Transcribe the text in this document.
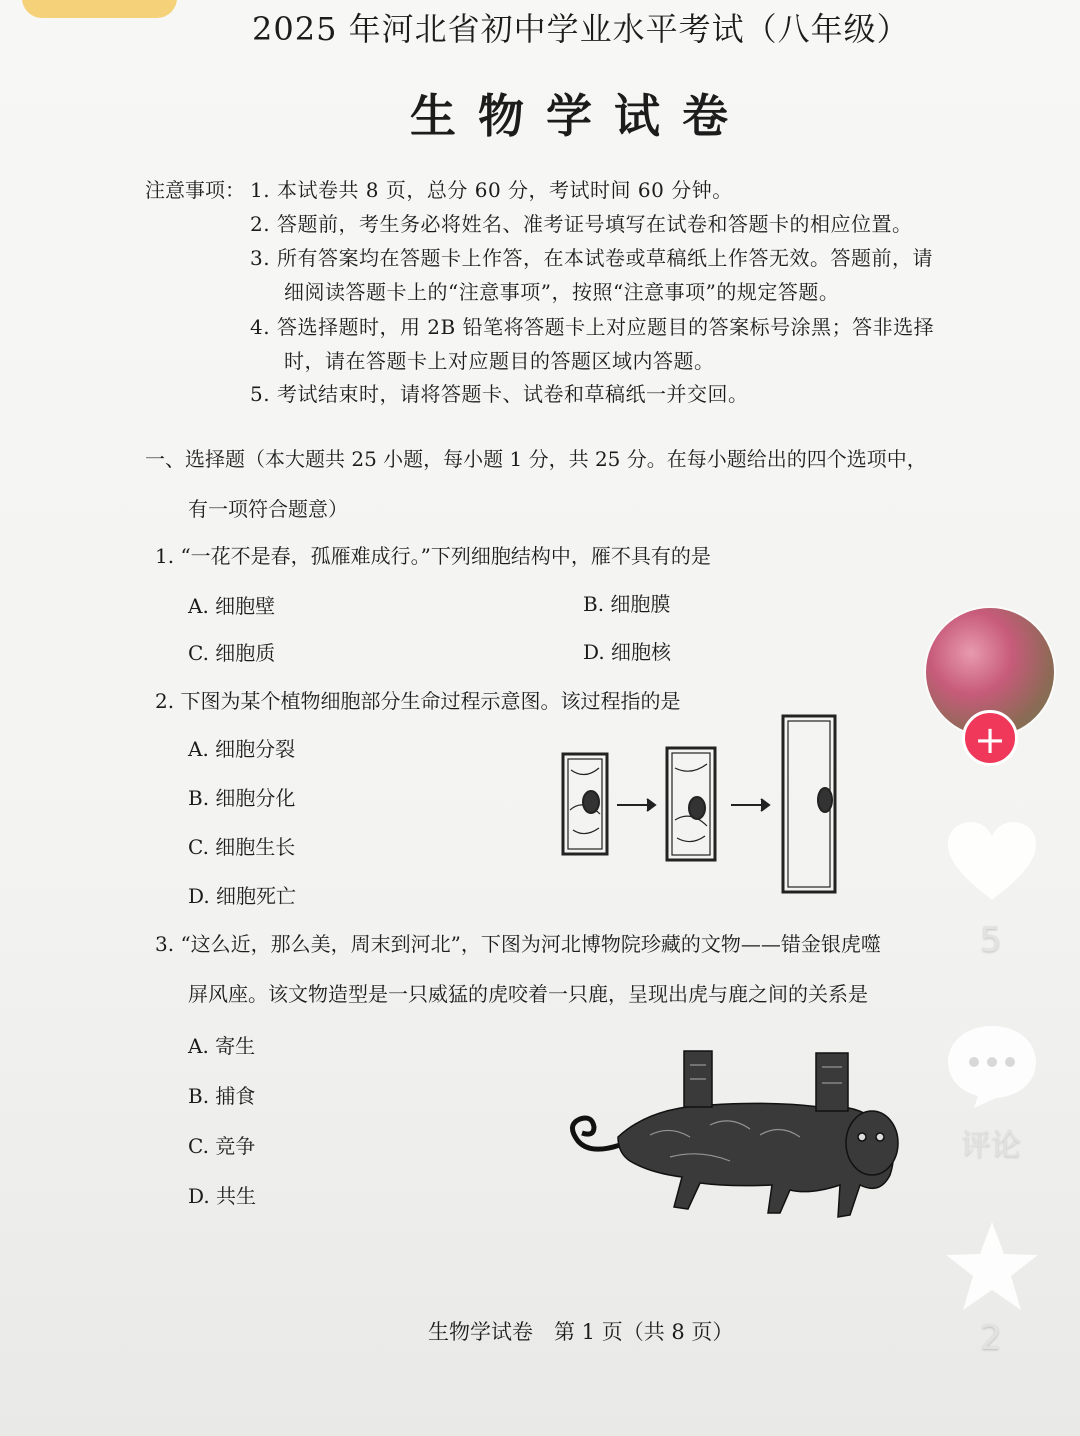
2025 年河北省初中学业水平考试（八年级）
生物学试卷
注意事项： 1. 本试卷共 8 页，总分 60 分，考试时间 60 分钟。
2. 答题前，考生务必将姓名、准考证号填写在试卷和答题卡的相应位置。
3. 所有答案均在答题卡上作答，在本试卷或草稿纸上作答无效。答题前，请
细阅读答题卡上的“注意事项”，按照“注意事项”的规定答题。
4. 答选择题时，用 2B 铅笔将答题卡上对应题目的答案标号涂黑；答非选择
时，请在答题卡上对应题目的答题区域内答题。
5. 考试结束时，请将答题卡、试卷和草稿纸一并交回。
一、选择题（本大题共 25 小题，每小题 1 分，共 25 分。在每小题给出的四个选项中，
有一项符合题意）
1. “一花不是春，孤雁难成行。”下列细胞结构中，雁不具有的是
A. 细胞壁	B. 细胞膜
C. 细胞质	D. 细胞核
2. 下图为某个植物细胞部分生命过程示意图。该过程指的是
A. 细胞分裂
B. 细胞分化
C. 细胞生长
D. 细胞死亡
3. “这么近，那么美，周末到河北”，下图为河北博物院珍藏的文物——错金银虎噬
屏风座。该文物造型是一只威猛的虎咬着一只鹿，呈现出虎与鹿之间的关系是
A. 寄生
B. 捕食
C. 竞争
D. 共生
生物学试卷　第 1 页（共 8 页）
+
5
评论
2
